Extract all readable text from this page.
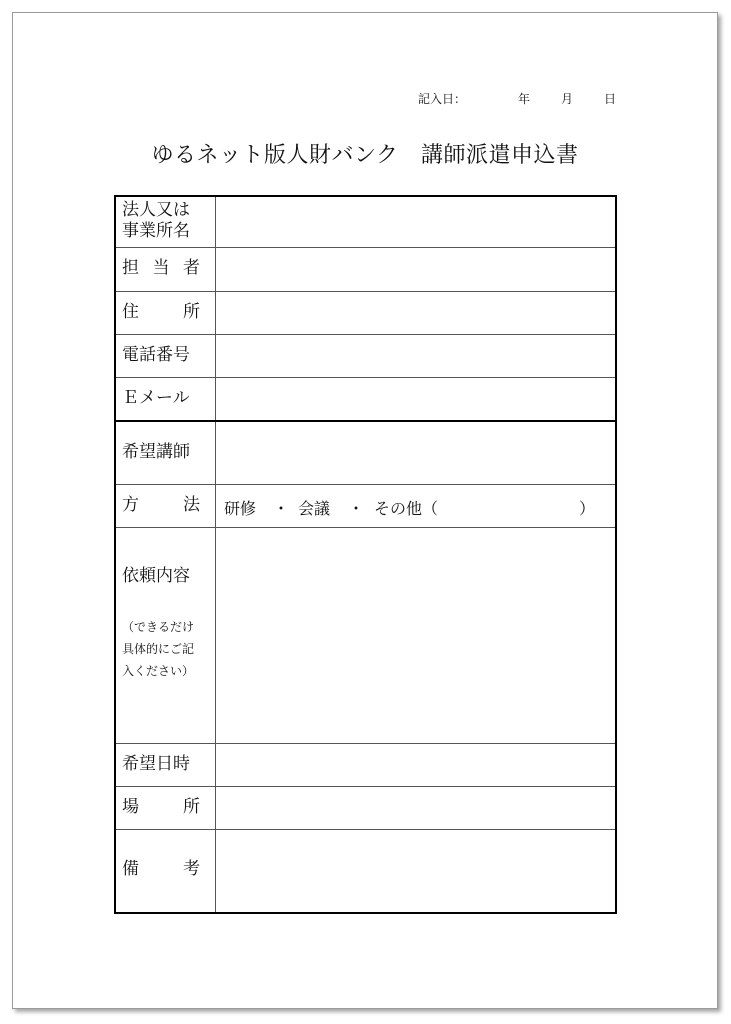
記入日：	年	月	日
ゆるネット版人財バンク　講師派遣申込書
法人又は
事業所名
担 当 者
住	所
電話番号
Ｅメール
希望講師
方	法 研修 ・ 会議 ・ その他（	）
依頼内容
（できるだけ
具体的にご記
入ください）
希望日時
場	所
備	考
